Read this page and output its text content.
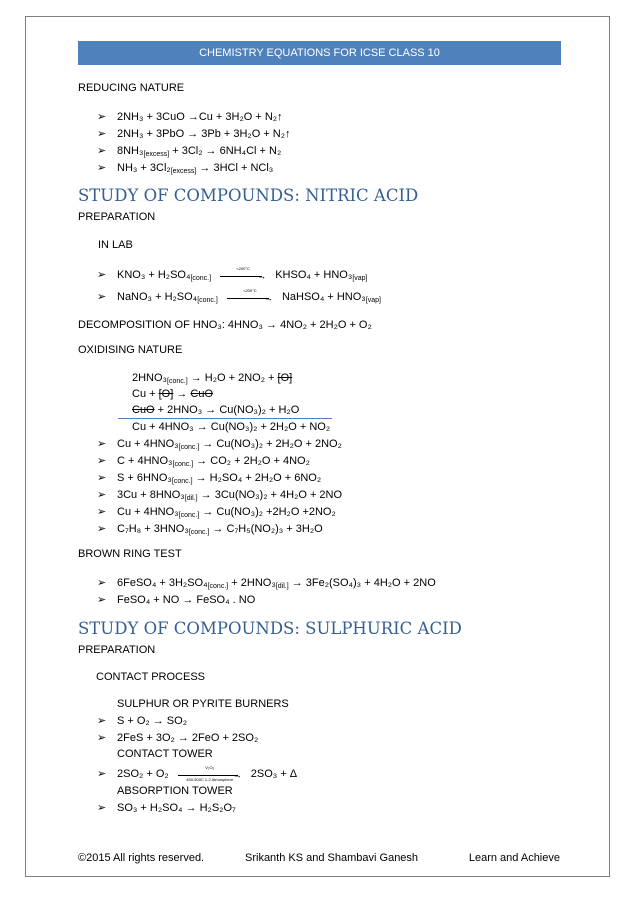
CHEMISTRY EQUATIONS FOR ICSE CLASS 10
REDUCING NATURE
➢ 2NH₃ + 3CuO →Cu + 3H₂O + N₂↑
➢ 2NH₃ + 3PbO → 3Pb + 3H₂O + N₂↑
➢ $8NH_3_{[excess]} + 3Cl_2 \to 6NH_4Cl + N_2$
➢ $NH_3 + 3Cl_2_{[excess]} \to 3HCl + NCl_3$
STUDY OF COMPOUNDS: NITRIC ACID
PREPARATION
IN LAB
➢ $KNO_3 + H_2SO_4_{[conc.]}$
<200°C
→ KHSO₄ + $HNO_3_{[vap]}$
➢ NaNO₃ + $H_2SO_4_{[conc.]}$
<200°C
→ NaHSO₄ + $HNO_3_{[vap]}$
DECOMPOSITION OF HNO₃: 4HNO₃ → 4NO₂ + 2H₂O + O₂
OXIDISING NATURE
$2HNO_3_{[conc.]} \to H_2O + 2NO_2 + [O]$
Cu + [O] → CuO
CuO + 2HNO₃ → Cu(NO₃)₂ + H₂O
Cu + 4HNO₃ → Cu(NO₃)₂ + 2H₂O + NO₂
➢ $Cu + 4HNO_3_{[conc.]} \to Cu(NO_3)_2 + 2H_2O + 2NO_2$
➢ $C + 4HNO_3_{[conc.]} \to CO_2 + 2H_2O + 4NO_2$
➢ $S + 6HNO_3_{[conc.]} \to H_2SO_4 + 2H_2O + 6NO_2$
➢ $3Cu + 8HNO_3_{[dil.]} \to 3Cu(NO_3)_2 + 4H_2O + 2NO$
➢ $Cu + 4HNO_3_{[conc.]} \to Cu(NO_3)_2 +2H_2O +2NO_2$
➢ $C_7H_8 + 3HNO_3_{[conc.]} \to C_7H_5(NO_2)_3 + 3H_2O$
BROWN RING TEST
➢ 6FeSO₄ + $3H_2SO_4_{[conc.]} + 2HNO_3_{[dil.]} \to 3Fe_2(SO_4)_3 + 4H_2O + 2NO$
➢ FeSO₄ + NO → FeSO₄ . NO
STUDY OF COMPOUNDS: SULPHURIC ACID
PREPARATION
CONTACT PROCESS
SULPHUR OR PYRITE BURNERS
➢ S + O₂ → SO₂
➢ 2FeS + 3O₂ → 2FeO + 2SO₂
CONTACT TOWER
➢ 2SO₂ + O₂
V₂O₅
→
450-500C 1-2 Atmosphere	2SO₃ + Δ
ABSORPTION TOWER
➢ SO₃ + H₂SO₄ → H₂S₂O₇
©2015 All rights reserved.	Srikanth KS and Shambavi Ganesh	Learn and Achieve
